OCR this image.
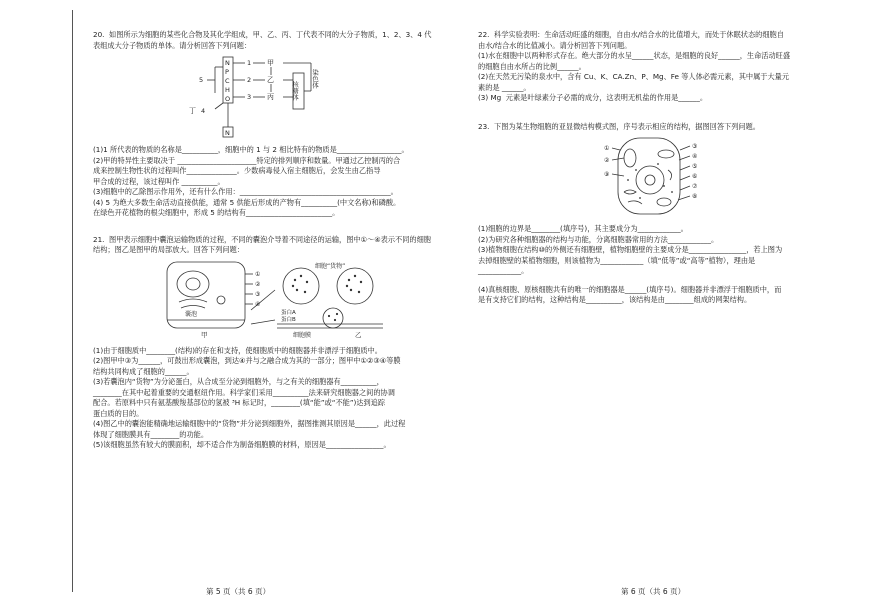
20.  如图所示为细胞的某些化合物及其化学组成，甲、乙、丙、丁代表不同的大分子物质，1、2、3、4 代表组成大分子物质的单体。请分析回答下列问题：

N
P
C
H
O
N
1
2
3
4
5
甲
乙
丙
丁
核糖体
染色体

(1)1 所代表的物质的名称是__________，细胞中的 1 与 2 相比特有的物质是__________________。

(2)甲的特异性主要取决于 ______________________特定的排列顺序和数量。甲通过乙控制丙的合

成来控制生物性状的过程叫作______________。少数病毒侵入宿主细胞后，会发生由乙指导

甲合成的过程，该过程叫作 __________。

(3)细胞中的乙除图示作用外，还有什么作用：__________________________________________。

(4) 5 为绝大多数生命活动直接供能，通常 5 供能后形成的产物有__________(中文名称)和磷酸。

在绿色开花植物的根尖细胞中，形成 5 的结构有________________________。

21.  图甲表示细胞中囊泡运输物质的过程，不同的囊泡介导着不同途径的运输，图中①～④表示不同的细胞结构；图乙是图甲的局部放大。回答下列问题：

①
②
③
④
囊泡
细胞“货物”
蛋白A
蛋白B
细胞膜
甲	乙

(1)由于细胞质中________(结构)的存在和支持，使细胞质中的细胞器并非漂浮于细胞质中。

(2)图甲中③为______，可鼓出形成囊泡，到达④并与之融合成为其的一部分；图甲中①②③④等膜

结构共同构成了细胞的______。

(3)若囊泡内“货物”为分泌蛋白，从合成至分泌到细胞外，与之有关的细胞器有__________，

________在其中起着重要的交通枢纽作用。科学家们采用__________法来研究细胞器之间的协调

配合。若原料中只有氨基酸羧基部位的氢被 ³H 标记时，________(填“能”或“不能”)达到追踪

蛋白质的目的。

(4)图乙中的囊泡能精确地运输细胞中的“货物”并分泌到细胞外，据图推测其原因是______，此过程

体现了细胞膜具有________的功能。

(5)该细胞虽然有较大的膜面积，却不适合作为制备细胞膜的材料，原因是________________。

22.  科学实验表明：生命活动旺盛的细胞，自由水/结合水的比值增大，而处于休眠状态的细胞自

由水/结合水的比值减小。请分析回答下列问题。

(1)水在细胞中以两种形式存在。绝大部分的水呈______状态，是细胞的良好______，生命活动旺盛

的细胞自由水所占的比例______。

(2)在天然无污染的泉水中，含有 Cu、K、CA.Zn、P、Mg、Fe 等人体必需元素，其中属于大量元

素的是 ______。

(3) Mg  元素是叶绿素分子必需的成分，这表明无机盐的作用是______。

23.  下图为某生物细胞的亚显微结构模式图，序号表示相应的结构，据图回答下列问题。

①
②
③
④
⑤
⑥
⑦
⑧
⑨

(1)细胞的边界是________(填序号)，其主要成分为____________。

(2)为研究各种细胞器的结构与功能，分离细胞器常用的方法____________。

(3)植物细胞在结构⑩的外侧还有细胞壁，植物细胞壁的主要成分是________________，若上图为

去掉细胞壁的某植物细胞，则该植物为____________（填“低等”或“高等”植物），理由是

____________。

(4)真核细胞、原核细胞共有的唯一的细胞器是______(填序号)。细胞器并非漂浮于细胞质中，而

是有支持它们的结构，这种结构是__________，该结构是由________组成的网架结构。

第 5 页（共 6 页）	第 6 页（共 6 页）
